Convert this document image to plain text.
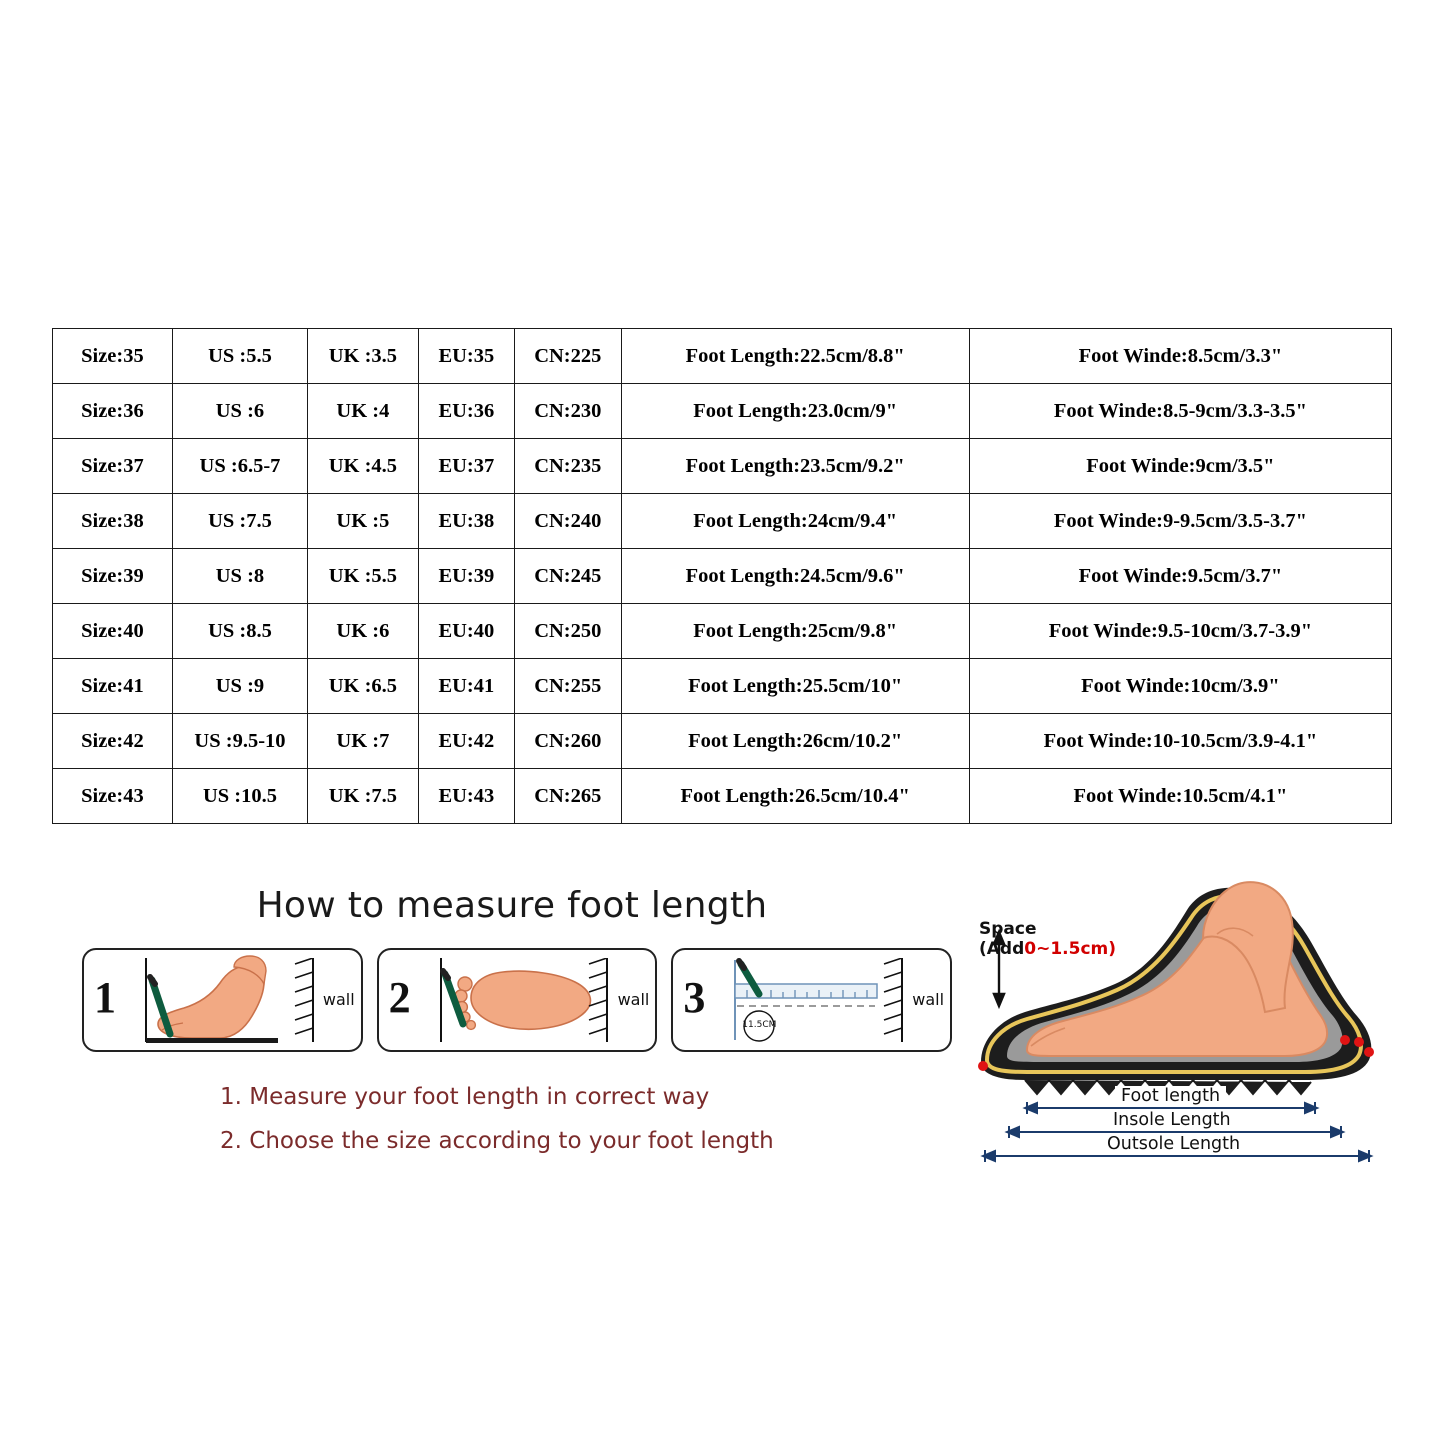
Size:35	US :5.5	UK :3.5	EU:35	CN:225	Foot Length:22.5cm/8.8"	Foot Winde:8.5cm/3.3"
Size:36	US :6	UK :4	EU:36	CN:230	Foot Length:23.0cm/9"	Foot Winde:8.5-9cm/3.3-3.5"
Size:37	US :6.5-7	UK :4.5	EU:37	CN:235	Foot Length:23.5cm/9.2"	Foot Winde:9cm/3.5"
Size:38	US :7.5	UK :5	EU:38	CN:240	Foot Length:24cm/9.4"	Foot Winde:9-9.5cm/3.5-3.7"
Size:39	US :8	UK :5.5	EU:39	CN:245	Foot Length:24.5cm/9.6"	Foot Winde:9.5cm/3.7"
Size:40	US :8.5	UK :6	EU:40	CN:250	Foot Length:25cm/9.8"	Foot Winde:9.5-10cm/3.7-3.9"
Size:41	US :9	UK :6.5	EU:41	CN:255	Foot Length:25.5cm/10"	Foot Winde:10cm/3.9"
Size:42	US :9.5-10	UK :7	EU:42	CN:260	Foot Length:26cm/10.2"	Foot Winde:10-10.5cm/3.9-4.1"
Size:43	US :10.5	UK :7.5	EU:43	CN:265	Foot Length:26.5cm/10.4"	Foot Winde:10.5cm/4.1"
How to measure foot length
1	wall 2	wall 3
11.5CM
wall
1. Measure your foot length in correct way
2. Choose the size according to your foot length
Space
(Add0~1.5cm)
Foot length
Insole Length
Outsole Length
